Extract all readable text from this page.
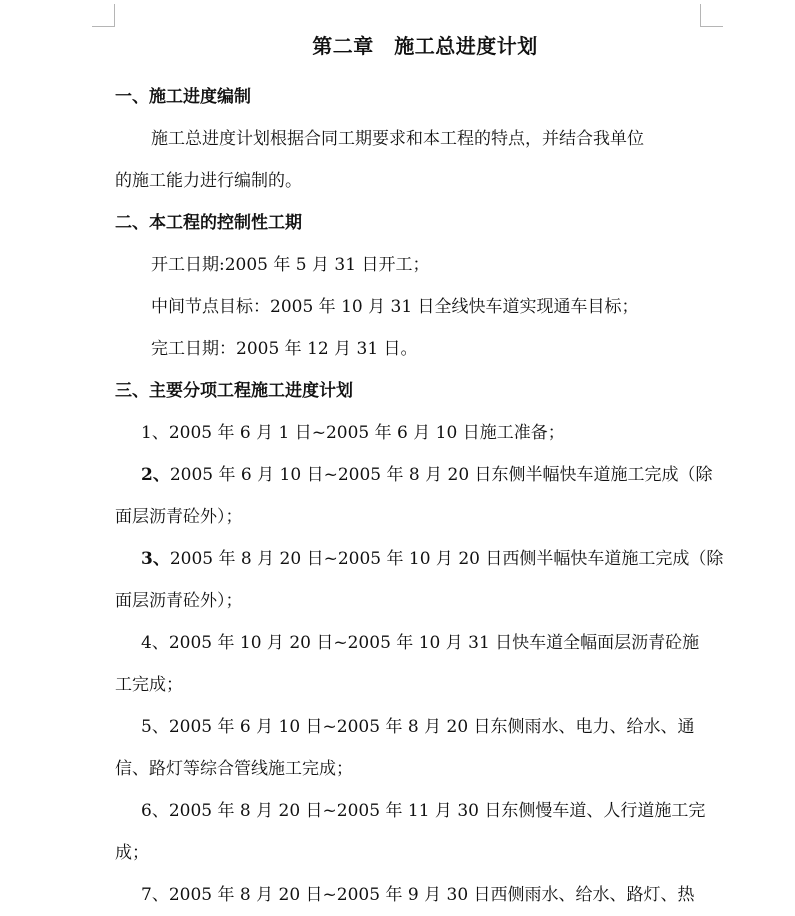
第二章　施工总进度计划

一、施工进度编制

施工总进度计划根据合同工期要求和本工程的特点，并结合我单位

的施工能力进行编制的。

二、本工程的控制性工期

开工日期:2005 年 5 月 31 日开工；

中间节点目标：2005 年 10 月 31 日全线快车道实现通车目标；

完工日期：2005 年 12 月 31 日。

三、主要分项工程施工进度计划

1、2005 年 6 月 1 日~2005 年 6 月 10 日施工准备；

2、2005 年 6 月 10 日~2005 年 8 月 20 日东侧半幅快车道施工完成（除

面层沥青砼外）；

3、2005 年 8 月 20 日~2005 年 10 月 20 日西侧半幅快车道施工完成（除

面层沥青砼外）；

4、2005 年 10 月 20 日~2005 年 10 月 31 日快车道全幅面层沥青砼施

工完成；

5、2005 年 6 月 10 日~2005 年 8 月 20 日东侧雨水、电力、给水、通

信、路灯等综合管线施工完成；

6、2005 年 8 月 20 日~2005 年 11 月 30 日东侧慢车道、人行道施工完

成；

7、2005 年 8 月 20 日~2005 年 9 月 30 日西侧雨水、给水、路灯、热
